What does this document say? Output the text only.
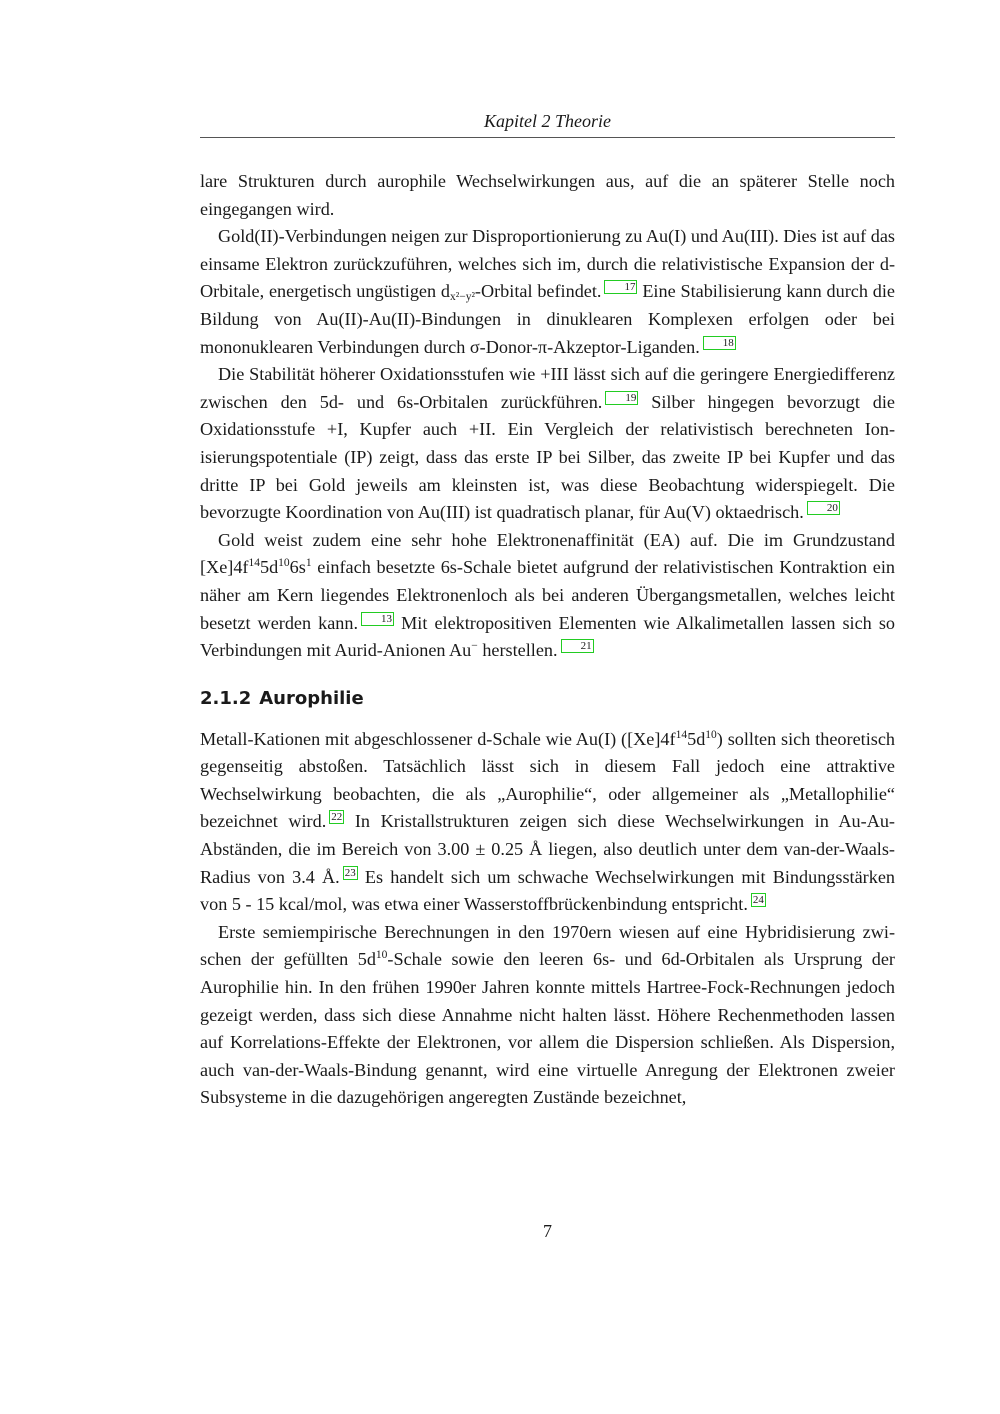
Kapitel 2 Theorie

lare Strukturen durch aurophile Wechselwirkungen aus, auf die an späterer Stelle noch eingegangen wird.

Gold(II)-Verbindungen neigen zur Disproportionierung zu Au(I) und Au(III). Dies ist auf das einsame Elektron zurückzuführen, welches sich im, durch die relativistische Expansion der d-Orbitale, energetisch ungüstigen $d_{x^2-y^2}$-Orbital befindet. 17 Eine Stabilisierung kann durch die Bildung von Au(II)-Au(II)-Bindungen in dinuklearen Komplexen erfolgen oder bei mononuklearen Verbindungen durch σ-Donor-π-Akzeptor-Liganden. 18

Die Stabilität höherer Oxidationsstufen wie +III lässt sich auf die geringere Energiedifferenz zwischen den 5d- und 6s-Orbitalen zurückführen. 19 Silber hingegen bevorzugt die Oxidationsstufe +I, Kupfer auch +II. Ein Vergleich der relativistisch berechneten Ionisierungspotentiale (IP) zeigt, dass das erste IP bei Silber, das zweite IP bei Kupfer und das dritte IP bei Gold jeweils am kleinsten ist, was diese Beobachtung widerspiegelt. Die bevorzugte Koordination von Au(III) ist quadratisch planar, für Au(V) oktaedrisch. 20

Gold weist zudem eine sehr hohe Elektronenaffinität (EA) auf. Die im Grundzustand $[Xe]4f^{14}5d^{10}6s^1$ einfach besetzte 6s-Schale bietet aufgrund der relativistischen Kontraktion ein näher am Kern liegendes Elektronenloch als bei anderen Übergangsmetallen, welches leicht besetzt werden kann. 13 Mit elektropositiven Elementen wie Alkalimetallen lassen sich so Verbindungen mit Aurid-Anionen Au− herstellen. 21

2.1.2 Aurophilie

Metall-Kationen mit abgeschlossener d-Schale wie Au(I) $([Xe]4f^{14}5d^{10})$ sollten sich theoretisch gegenseitig abstoßen. Tatsächlich lässt sich in diesem Fall jedoch eine attraktive Wechselwirkung beobachten, die als „Aurophilie“, oder allgemeiner als „Metallophilie“ bezeichnet wird. 22 In Kristallstrukturen zeigen sich diese Wechselwirkungen in Au-Au-Abständen, die im Bereich von 3.00 ± 0.25 Å liegen, also deutlich unter dem van-der-Waals-Radius von 3.4 Å. 23 Es handelt sich um schwache Wechselwirkungen mit Bindungsstärken von 5 - 15 kcal/mol, was etwa einer Wasserstoffbrückenbindung entspricht. 24

Erste semiempirische Berechnungen in den 1970ern wiesen auf eine Hybridisierung zwischen der gefüllten $5d^{10}$-Schale sowie den leeren 6s- und 6d-Orbitalen als Ursprung der Aurophilie hin. In den frühen 1990er Jahren konnte mittels Hartree-Fock-Rechnungen jedoch gezeigt werden, dass sich diese Annahme nicht halten lässt. Höhere Rechenmethoden lassen auf Korrelations-Effekte der Elektronen, vor allem die Dispersion schließen. Als Dispersion, auch van-der-Waals-Bindung genannt, wird eine virtuelle Anregung der Elektronen zweier Subsysteme in die dazugehörigen angeregten Zustände bezeichnet,

7
